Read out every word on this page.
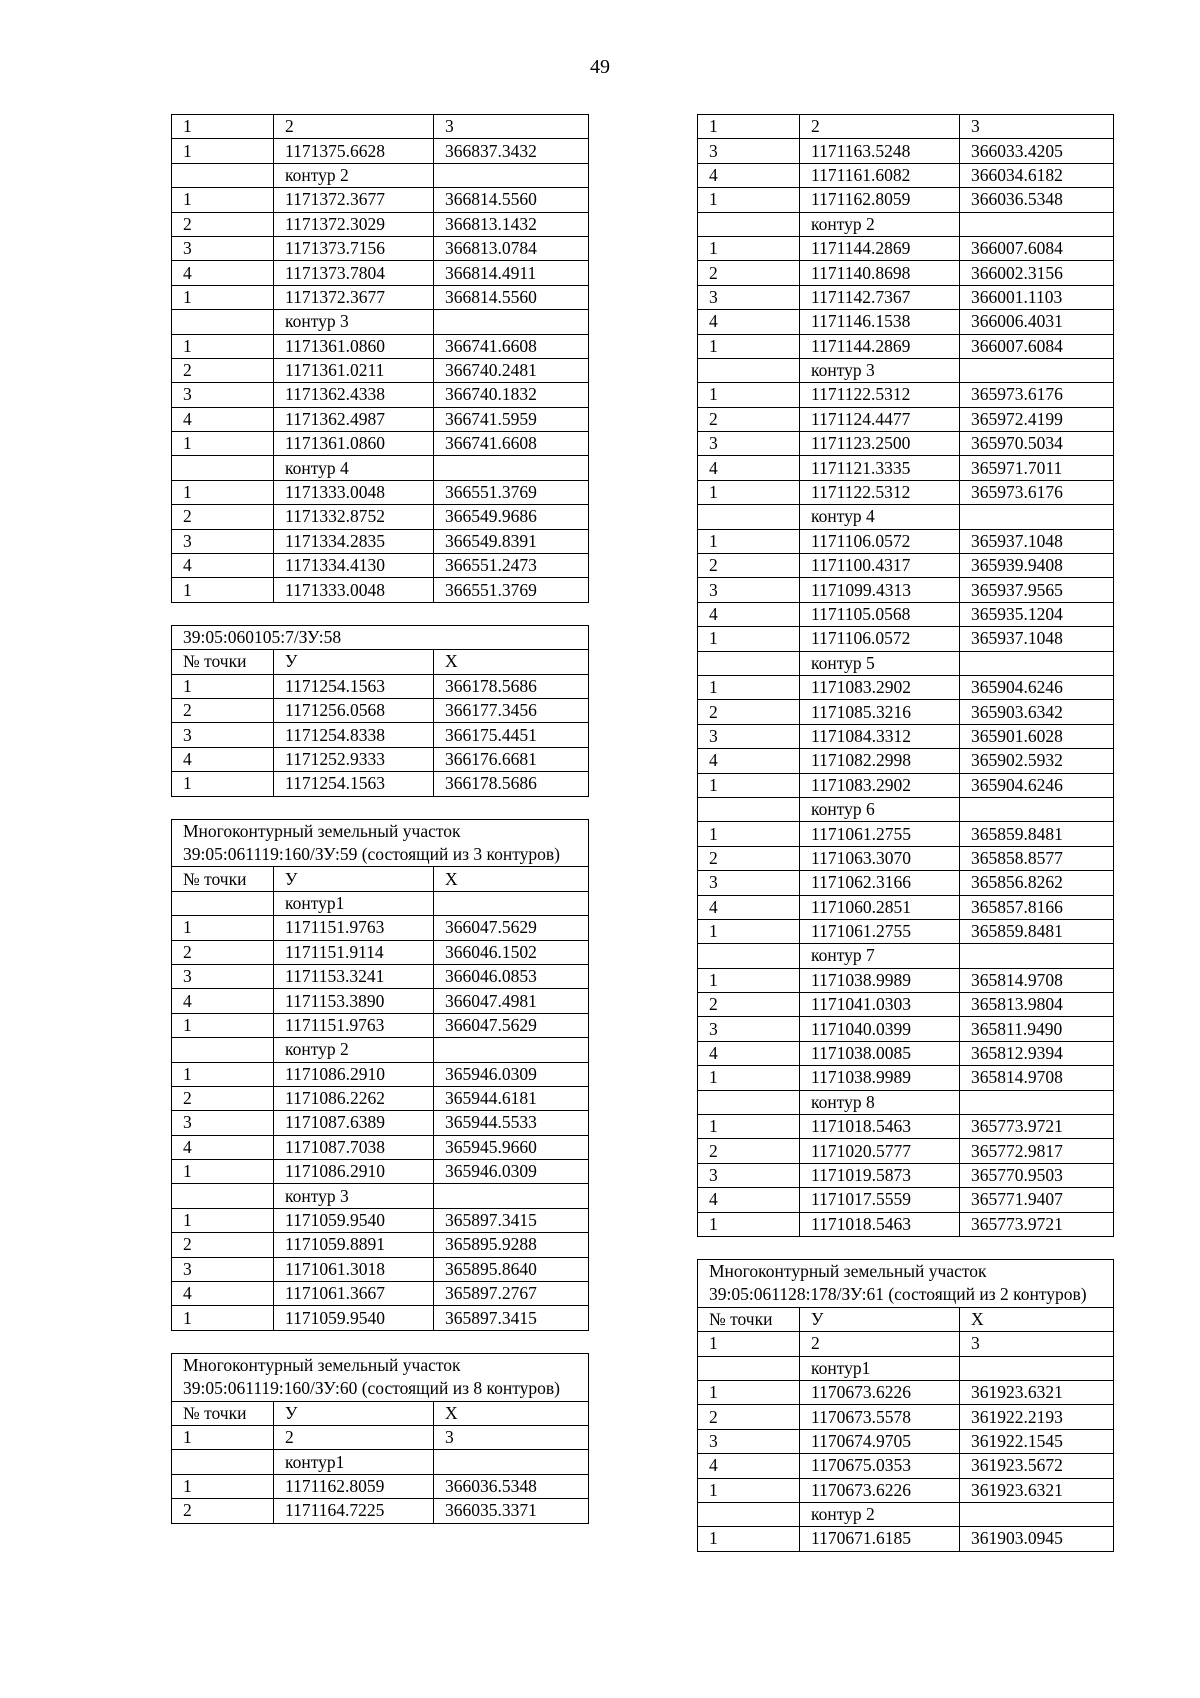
49
1	2	3
1	1171375.6628	366837.3432
	контур 2	
1	1171372.3677	366814.5560
2	1171372.3029	366813.1432
3	1171373.7156	366813.0784
4	1171373.7804	366814.4911
1	1171372.3677	366814.5560
	контур 3	
1	1171361.0860	366741.6608
2	1171361.0211	366740.2481
3	1171362.4338	366740.1832
4	1171362.4987	366741.5959
1	1171361.0860	366741.6608
	контур 4	
1	1171333.0048	366551.3769
2	1171332.8752	366549.9686
3	1171334.2835	366549.8391
4	1171334.4130	366551.2473
1	1171333.0048	366551.3769
39:05:060105:7/ЗУ:58		
№ точки	У	Х
1	1171254.1563	366178.5686
2	1171256.0568	366177.3456
3	1171254.8338	366175.4451
4	1171252.9333	366176.6681
1	1171254.1563	366178.5686
Многоконтурный земельный участок 39:05:061119:160/ЗУ:59 (состоящий из 3 контуров)		
№ точки	У	Х
	контур1	
1	1171151.9763	366047.5629
2	1171151.9114	366046.1502
3	1171153.3241	366046.0853
4	1171153.3890	366047.4981
1	1171151.9763	366047.5629
	контур 2	
1	1171086.2910	365946.0309
2	1171086.2262	365944.6181
3	1171087.6389	365944.5533
4	1171087.7038	365945.9660
1	1171086.2910	365946.0309
	контур 3	
1	1171059.9540	365897.3415
2	1171059.8891	365895.9288
3	1171061.3018	365895.8640
4	1171061.3667	365897.2767
1	1171059.9540	365897.3415
Многоконтурный земельный участок 39:05:061119:160/ЗУ:60 (состоящий из 8 контуров)		
№ точки	У	Х
1	2	3
	контур1	
1	1171162.8059	366036.5348
2	1171164.7225	366035.3371
1	2	3
3	1171163.5248	366033.4205
4	1171161.6082	366034.6182
1	1171162.8059	366036.5348
	контур 2	
1	1171144.2869	366007.6084
2	1171140.8698	366002.3156
3	1171142.7367	366001.1103
4	1171146.1538	366006.4031
1	1171144.2869	366007.6084
	контур 3	
1	1171122.5312	365973.6176
2	1171124.4477	365972.4199
3	1171123.2500	365970.5034
4	1171121.3335	365971.7011
1	1171122.5312	365973.6176
	контур 4	
1	1171106.0572	365937.1048
2	1171100.4317	365939.9408
3	1171099.4313	365937.9565
4	1171105.0568	365935.1204
1	1171106.0572	365937.1048
	контур 5	
1	1171083.2902	365904.6246
2	1171085.3216	365903.6342
3	1171084.3312	365901.6028
4	1171082.2998	365902.5932
1	1171083.2902	365904.6246
	контур 6	
1	1171061.2755	365859.8481
2	1171063.3070	365858.8577
3	1171062.3166	365856.8262
4	1171060.2851	365857.8166
1	1171061.2755	365859.8481
	контур 7	
1	1171038.9989	365814.9708
2	1171041.0303	365813.9804
3	1171040.0399	365811.9490
4	1171038.0085	365812.9394
1	1171038.9989	365814.9708
	контур 8	
1	1171018.5463	365773.9721
2	1171020.5777	365772.9817
3	1171019.5873	365770.9503
4	1171017.5559	365771.9407
1	1171018.5463	365773.9721
Многоконтурный земельный участок 39:05:061128:178/ЗУ:61 (состоящий из 2 контуров)		
№ точки	У	Х
1	2	3
	контур1	
1	1170673.6226	361923.6321
2	1170673.5578	361922.2193
3	1170674.9705	361922.1545
4	1170675.0353	361923.5672
1	1170673.6226	361923.6321
	контур 2	
1	1170671.6185	361903.0945
